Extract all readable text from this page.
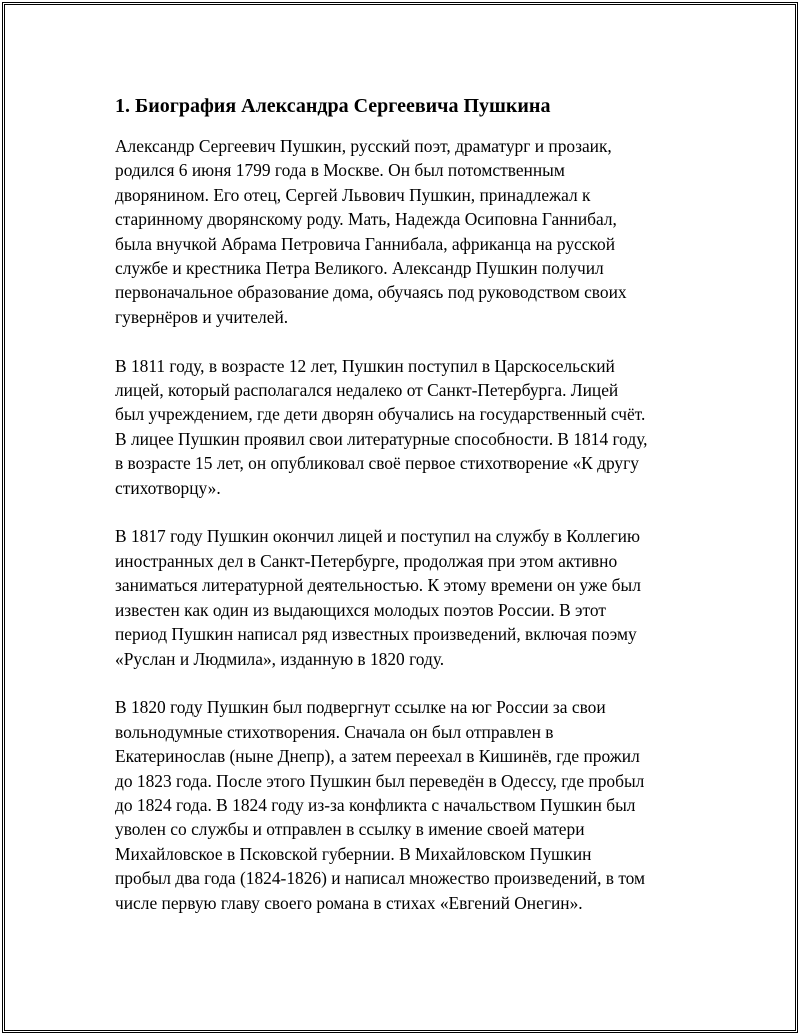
1. Биография Александра Сергеевича Пушкина

Александр Сергеевич Пушкин, русский поэт, драматург и прозаик,
родился 6 июня 1799 года в Москве. Он был потомственным
дворянином. Его отец, Сергей Львович Пушкин, принадлежал к
старинному дворянскому роду. Мать, Надежда Осиповна Ганнибал,
была внучкой Абрама Петровича Ганнибала, африканца на русской
службе и крестника Петра Великого. Александр Пушкин получил
первоначальное образование дома, обучаясь под руководством своих
гувернёров и учителей.

В 1811 году, в возрасте 12 лет, Пушкин поступил в Царскосельский
лицей, который располагался недалеко от Санкт-Петербурга. Лицей
был учреждением, где дети дворян обучались на государственный счёт.
В лицее Пушкин проявил свои литературные способности. В 1814 году,
в возрасте 15 лет, он опубликовал своё первое стихотворение «К другу
стихотворцу».

В 1817 году Пушкин окончил лицей и поступил на службу в Коллегию
иностранных дел в Санкт-Петербурге, продолжая при этом активно
заниматься литературной деятельностью. К этому времени он уже был
известен как один из выдающихся молодых поэтов России. В этот
период Пушкин написал ряд известных произведений, включая поэму
«Руслан и Людмила», изданную в 1820 году.

В 1820 году Пушкин был подвергнут ссылке на юг России за свои
вольнодумные стихотворения. Сначала он был отправлен в
Екатеринослав (ныне Днепр), а затем переехал в Кишинёв, где прожил
до 1823 года. После этого Пушкин был переведён в Одессу, где пробыл
до 1824 года. В 1824 году из-за конфликта с начальством Пушкин был
уволен со службы и отправлен в ссылку в имение своей матери
Михайловское в Псковской губернии. В Михайловском Пушкин
пробыл два года (1824-1826) и написал множество произведений, в том
числе первую главу своего романа в стихах «Евгений Онегин».
